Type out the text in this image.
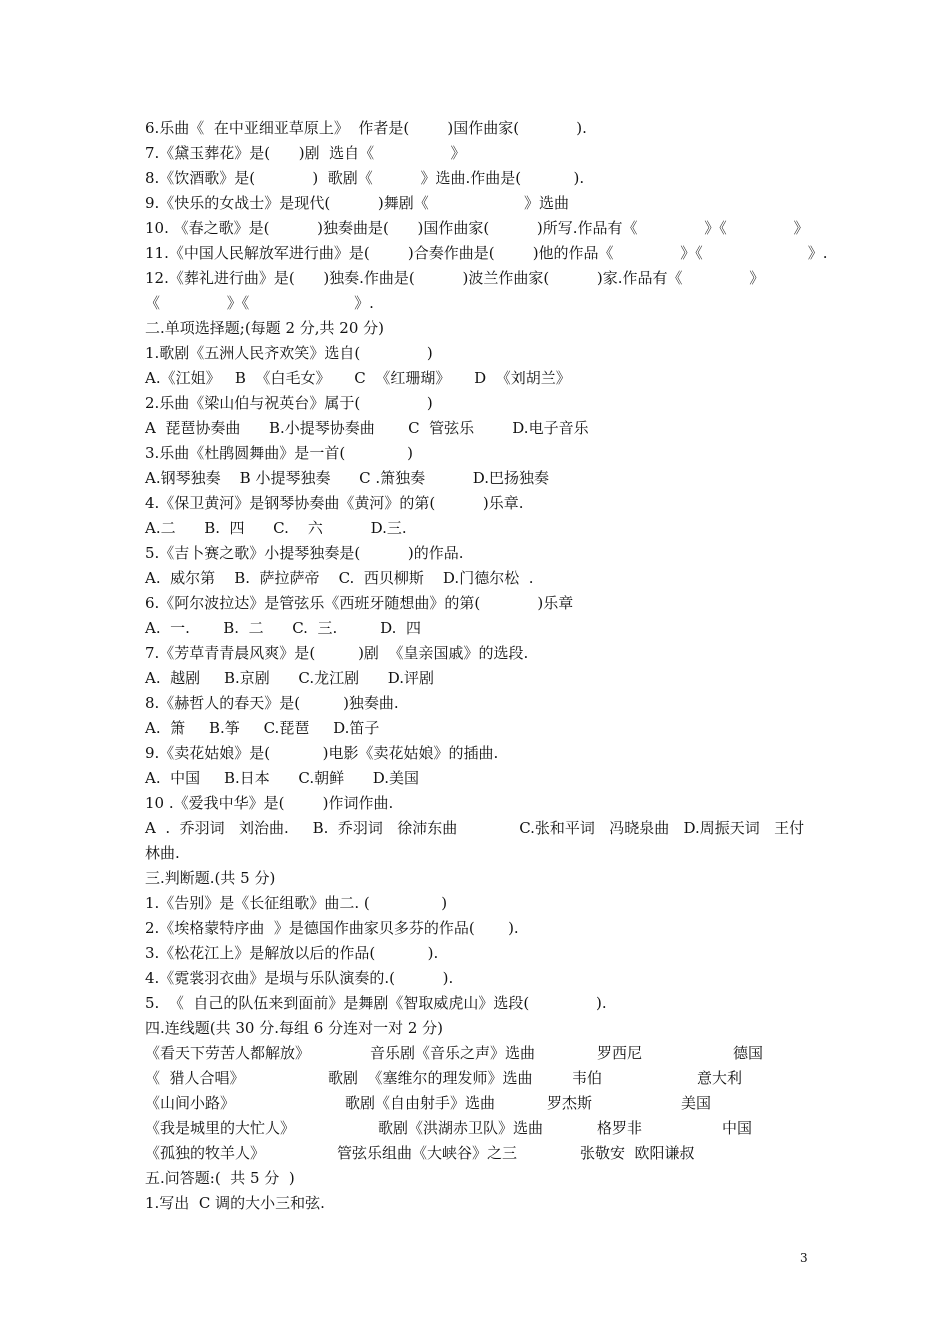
6.乐曲《  在中亚细亚草原上》  作者是(        )国作曲家(            ).
7.《黛玉葬花》是(      )剧  选自《                》
8.《饮酒歌》是(            )  歌剧《          》选曲.作曲是(           ).
9.《快乐的女战士》是现代(          )舞剧《                    》选曲
10. 《春之歌》是(          )独奏曲是(      )国作曲家(          )所写.作品有《              》《              》
11.《中国人民解放军进行曲》是(        )合奏作曲是(        )他的作品《              》《                      》.
12.《葬礼进行曲》是(      )独奏.作曲是(          )波兰作曲家(          )家.作品有《              》
《              》《                      》.
二.单项选择题;(每题 2 分,共 20 分)
1.歌剧《五洲人民齐欢笑》选自(              )
A.《江姐》   B  《白毛女》     C  《红珊瑚》     D  《刘胡兰》
2.乐曲《梁山伯与祝英台》属于(              )
A  琵琶协奏曲      B.小提琴协奏曲       C  管弦乐        D.电子音乐
3.乐曲《杜鹃圆舞曲》是一首(             )
A.钢琴独奏    B 小提琴独奏      C .箫独奏          D.巴扬独奏
4.《保卫黄河》是钢琴协奏曲《黄河》的第(          )乐章.
A.二      B.  四      C.    六          D.三.
5.《吉卜赛之歌》小提琴独奏是(          )的作品.
A.  威尔第    B.  萨拉萨帝    C.  西贝柳斯    D.门德尔松  .
6.《阿尔波拉达》是管弦乐《西班牙随想曲》的第(            )乐章
A.  一.       B.  二      C.  三.         D.  四
7.《芳草青青晨风爽》是(         )剧  《皇亲国戚》的选段.
A.  越剧     B.京剧      C.龙江剧      D.评剧
8.《赫哲人的春天》是(         )独奏曲.
A.  箫     B.筝     C.琵琶     D.笛子
9.《卖花姑娘》是(           )电影《卖花姑娘》的插曲.
A.  中国     B.日本      C.朝鲜      D.美国
10 .《爱我中华》是(        )作词作曲.
A  .  乔羽词   刘治曲.     B.  乔羽词   徐沛东曲             C.张和平词   冯晓泉曲   D.周振天词   王付
林曲.
三.判断题.(共 5 分)
1.《告别》是《长征组歌》曲二. (               )
2.《埃格蒙特序曲  》是德国作曲家贝多芬的作品(       ).
3.《松花江上》是解放以后的作品(           ).
4.《霓裳羽衣曲》是埙与乐队演奏的.(          ).
5.  《  自己的队伍来到面前》是舞剧《智取威虎山》选段(              ).
四.连线题(共 30 分.每组 6 分连对一对 2 分)
《看天下劳苦人都解放》	音乐剧《音乐之声》选曲	罗西尼	德国
《  猎人合唱》	歌剧  《塞维尔的理发师》选曲	韦伯	意大利
《山间小路》	歌剧《自由射手》选曲	罗杰斯	美国
《我是城里的大忙人》	歌剧《洪湖赤卫队》选曲	格罗非	中国
《孤独的牧羊人》	管弦乐组曲《大峡谷》之三	张敬安  欧阳谦叔
五.问答题:(  共 5 分  )
1.写出  C 调的大小三和弦.
3
